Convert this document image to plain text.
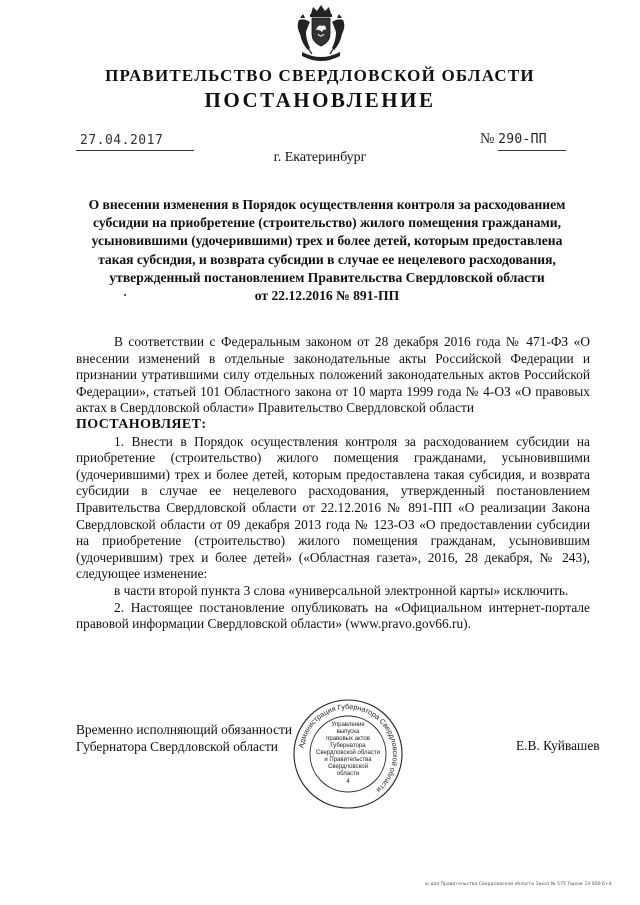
ПРАВИТЕЛЬСТВО СВЕРДЛОВСКОЙ ОБЛАСТИ
ПОСТАНОВЛЕНИЕ
27.04.2017	№ 290-ПП
г. Екатеринбург
О внесении изменения в Порядок осуществления контроля за расходованием
субсидии на приобретение (строительство) жилого помещения гражданами,
усыновившими (удочерившими) трех и более детей, которым предоставлена
такая субсидия, и возврата субсидии в случае ее нецелевого расходования,
утвержденный постановлением Правительства Свердловской области
от 22.12.2016 № 891-ПП

В соответствии с Федеральным законом от 28 декабря 2016 года № 471-ФЗ «О внесении изменений в отдельные законодательные акты Российской Федерации и признании утратившими силу отдельных положений законодательных актов Российской Федерации», статьей 101 Областного закона от 10 марта 1999 года № 4-ОЗ «О правовых актах в Свердловской области» Правительство Свердловской области

ПОСТАНОВЛЯЕТ:

1. Внести в Порядок осуществления контроля за расходованием субсидии на приобретение (строительство) жилого помещения гражданами, усыновившими (удочерившими) трех и более детей, которым предоставлена такая субсидия, и возврата субсидии в случае ее нецелевого расходования, утвержденный постановлением Правительства Свердловской области от 22.12.2016 № 891-ПП «О реализации Закона Свердловской области от 09 декабря 2013 года № 123-ОЗ «О предоставлении субсидии на приобретение (строительство) жилого помещения гражданам, усыновившим (удочерившим) трех и более детей» («Областная газета», 2016, 28 декабря, № 243), следующее изменение:

в части второй пункта 3 слова «универсальной электронной карты» исключить.

2. Настоящее постановление опубликовать на «Официальном интернет-портале правовой информации Свердловской области» (www.pravo.gov66.ru).

Временно исполняющий обязанности
Губернатора Свердловской области	Е.В. Куйвашев
Администрация Губернатора Свердловской области
Управление
выпуска
правовых актов
Губернатора
Свердловской области
и Правительства
Свердловской
области
4
ю дая Правительства Свердловской области Заказ № 575 Тираж 14 000 6+4
